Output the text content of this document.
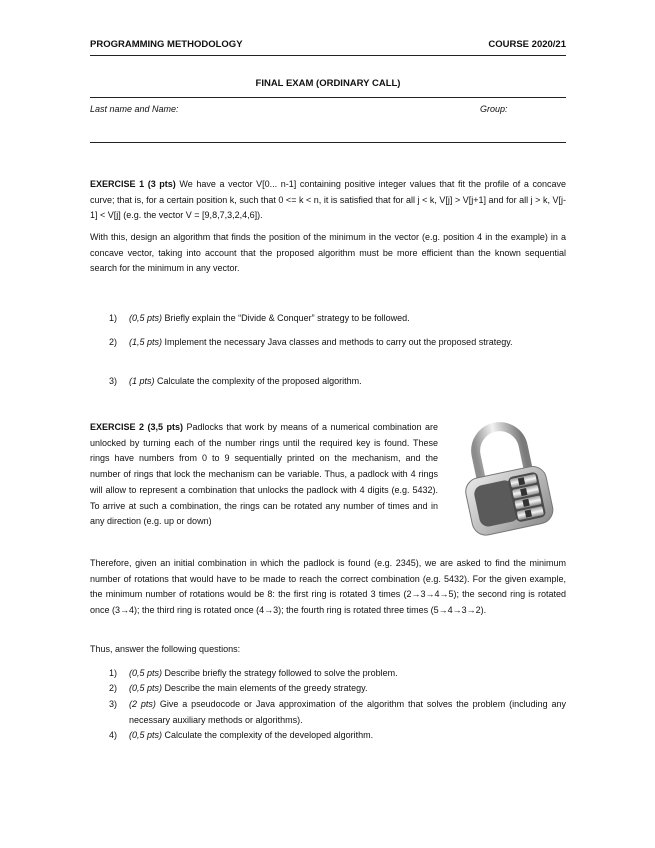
PROGRAMMING METHODOLOGY	COURSE 2020/21
FINAL EXAM (ORDINARY CALL)
Last name and Name:	Group:

EXERCISE 1 (3 pts) We have a vector V[0... n-1] containing positive integer values that fit the profile of a concave curve; that is, for a certain position k, such that 0 <= k < n, it is satisfied that for all j < k, V[j] > V[j+1] and for all j > k, V[j-1] < V[j] (e.g. the vector V = [9,8,7,3,2,4,6]).

With this, design an algorithm that finds the position of the minimum in the vector (e.g. position 4 in the example) in a concave vector, taking into account that the proposed algorithm must be more efficient than the known sequential search for the minimum in any vector.

1) (0,5 pts) Briefly explain the “Divide & Conquer” strategy to be followed.
2) (1,5 pts) Implement the necessary Java classes and methods to carry out the proposed strategy.
3) (1 pts) Calculate the complexity of the proposed algorithm.

EXERCISE 2 (3,5 pts) Padlocks that work by means of a numerical combination are unlocked by turning each of the number rings until the required key is found. These rings have numbers from 0 to 9 sequentially printed on the mechanism, and the number of rings that lock the mechanism can be variable. Thus, a padlock with 4 rings will allow to represent a combination that unlocks the padlock with 4 digits (e.g. 5432). To arrive at such a combination, the rings can be rotated any number of times and in any direction (e.g. up or down)

Therefore, given an initial combination in which the padlock is found (e.g. 2345), we are asked to find the minimum number of rotations that would have to be made to reach the correct combination (e.g. 5432). For the given example, the minimum number of rotations would be 8: the first ring is rotated 3 times (2→3→4→5); the second ring is rotated once (3→4); the third ring is rotated once (4→3); the fourth ring is rotated three times (5→4→3→2).

Thus, answer the following questions:

1) (0,5 pts) Describe briefly the strategy followed to solve the problem.
2) (0,5 pts) Describe the main elements of the greedy strategy.
3) (2 pts) Give a pseudocode or Java approximation of the algorithm that solves the problem (including any necessary auxiliary methods or algorithms).
4) (0,5 pts) Calculate the complexity of the developed algorithm.
